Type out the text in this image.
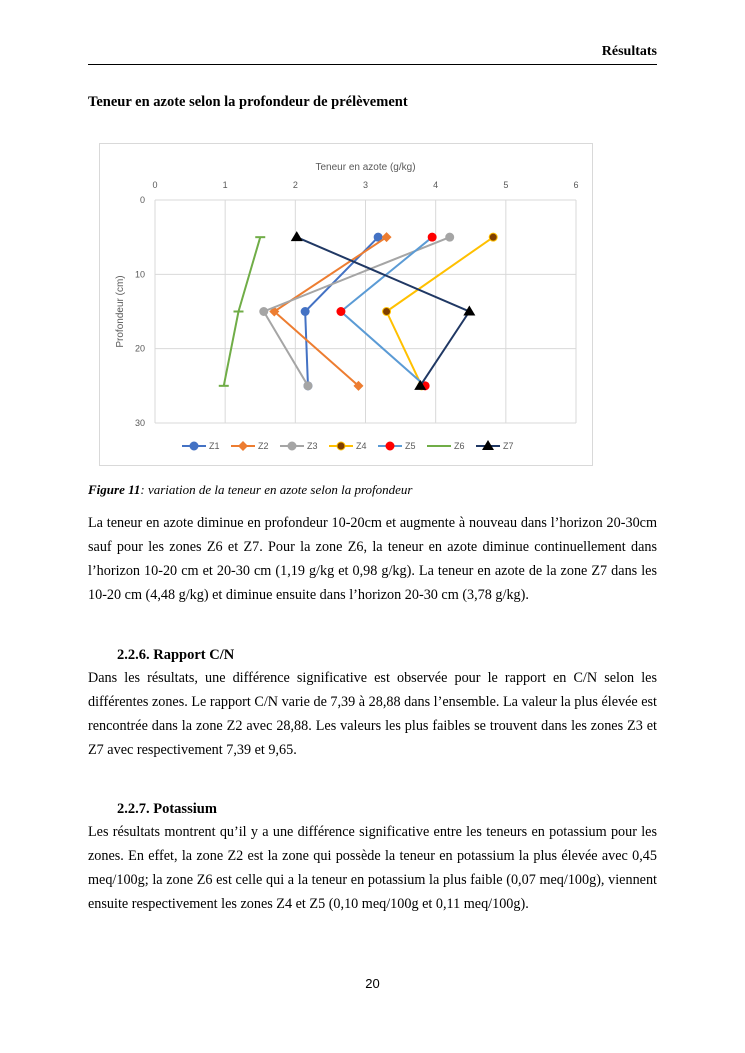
Résultats
Teneur en azote selon la profondeur de prélèvement
Teneur en azote (g/kg)
0	1	2	3	4	5	6
0
10
20
30
Profondeur (cm)
Z1	Z2	Z3	Z4	Z5	Z6	Z7
Figure 11: variation de la teneur en azote selon la profondeur
La teneur en azote diminue en profondeur 10-20cm et augmente à nouveau dans l’horizon 20-30cm sauf pour les zones Z6 et Z7. Pour la zone Z6, la teneur en azote diminue continuellement dans l’horizon 10-20 cm et 20-30 cm (1,19 g/kg et 0,98 g/kg). La teneur en azote de la zone Z7 dans les 10-20 cm (4,48 g/kg) et diminue ensuite dans l’horizon 20-30 cm (3,78 g/kg).
2.2.6. Rapport C/N
Dans les résultats, une différence significative est observée pour le rapport en C/N selon les différentes zones. Le rapport C/N varie de 7,39 à 28,88 dans l’ensemble. La valeur la plus élevée est rencontrée dans la zone Z2 avec 28,88. Les valeurs les plus faibles se trouvent dans les zones Z3 et Z7 avec respectivement 7,39 et 9,65.
2.2.7. Potassium
Les résultats montrent qu’il y a une différence significative entre les teneurs en potassium pour les zones. En effet, la zone Z2 est la zone qui possède la teneur en potassium la plus élevée avec 0,45 meq/100g; la zone Z6 est celle qui a la teneur en potassium la plus faible (0,07 meq/100g), viennent ensuite respectivement les zones Z4 et Z5 (0,10 meq/100g et 0,11 meq/100g).
20
